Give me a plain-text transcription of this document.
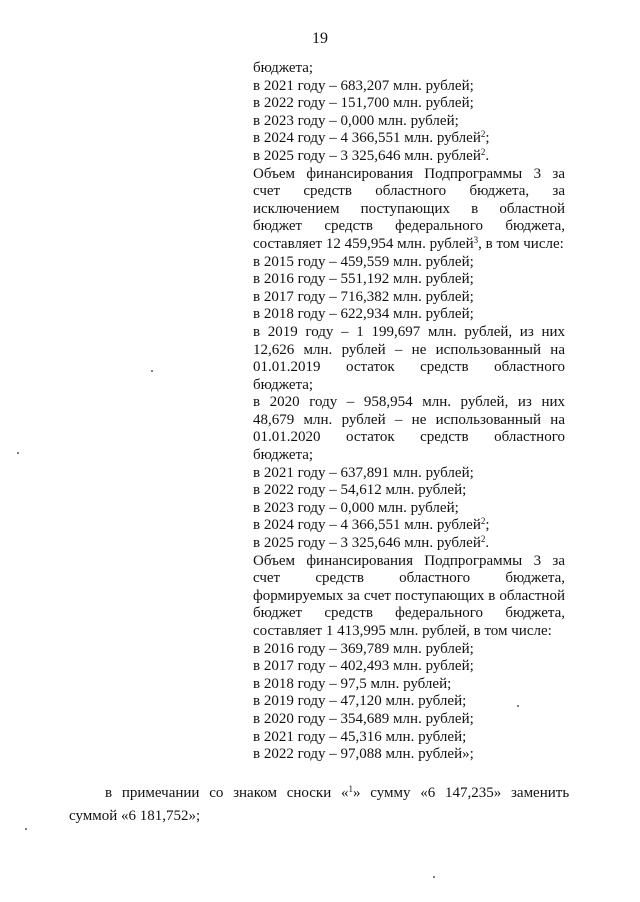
19
бюджета;
в 2021 году – 683,207 млн. рублей;
в 2022 году – 151,700 млн. рублей;
в 2023 году – 0,000 млн. рублей;
в 2024 году – 4 366,551 млн. рублей$^2$;
в 2025 году – 3 325,646 млн. рублей$^2$.
Объем финансирования Подпрограммы 3 за
счет средств областного бюджета, за
исключением поступающих в областной
бюджет средств федерального бюджета,
составляет 12 459,954 млн. рублей$^3$, в том числе:
в 2015 году – 459,559 млн. рублей;
в 2016 году – 551,192 млн. рублей;
в 2017 году – 716,382 млн. рублей;
в 2018 году – 622,934 млн. рублей;
в 2019 году – 1 199,697 млн. рублей, из них
12,626 млн. рублей – не использованный на
01.01.2019 остаток средств областного
бюджета;
в 2020 году – 958,954 млн. рублей, из них
48,679 млн. рублей – не использованный на
01.01.2020 остаток средств областного
бюджета;
в 2021 году – 637,891 млн. рублей;
в 2022 году – 54,612 млн. рублей;
в 2023 году – 0,000 млн. рублей;
в 2024 году – 4 366,551 млн. рублей$^2$;
в 2025 году – 3 325,646 млн. рублей$^2$.
Объем финансирования Подпрограммы 3 за
счет средств областного бюджета,
формируемых за счет поступающих в областной
бюджет средств федерального бюджета,
составляет 1 413,995 млн. рублей, в том числе:
в 2016 году – 369,789 млн. рублей;
в 2017 году – 402,493 млн. рублей;
в 2018 году – 97,5 млн. рублей;
в 2019 году – 47,120 млн. рублей;
в 2020 году – 354,689 млн. рублей;
в 2021 году – 45,316 млн. рублей;
в 2022 году – 97,088 млн. рублей»;
в примечании со знаком сноски «$^1$» сумму «6 147,235» заменить
суммой «6 181,752»;
